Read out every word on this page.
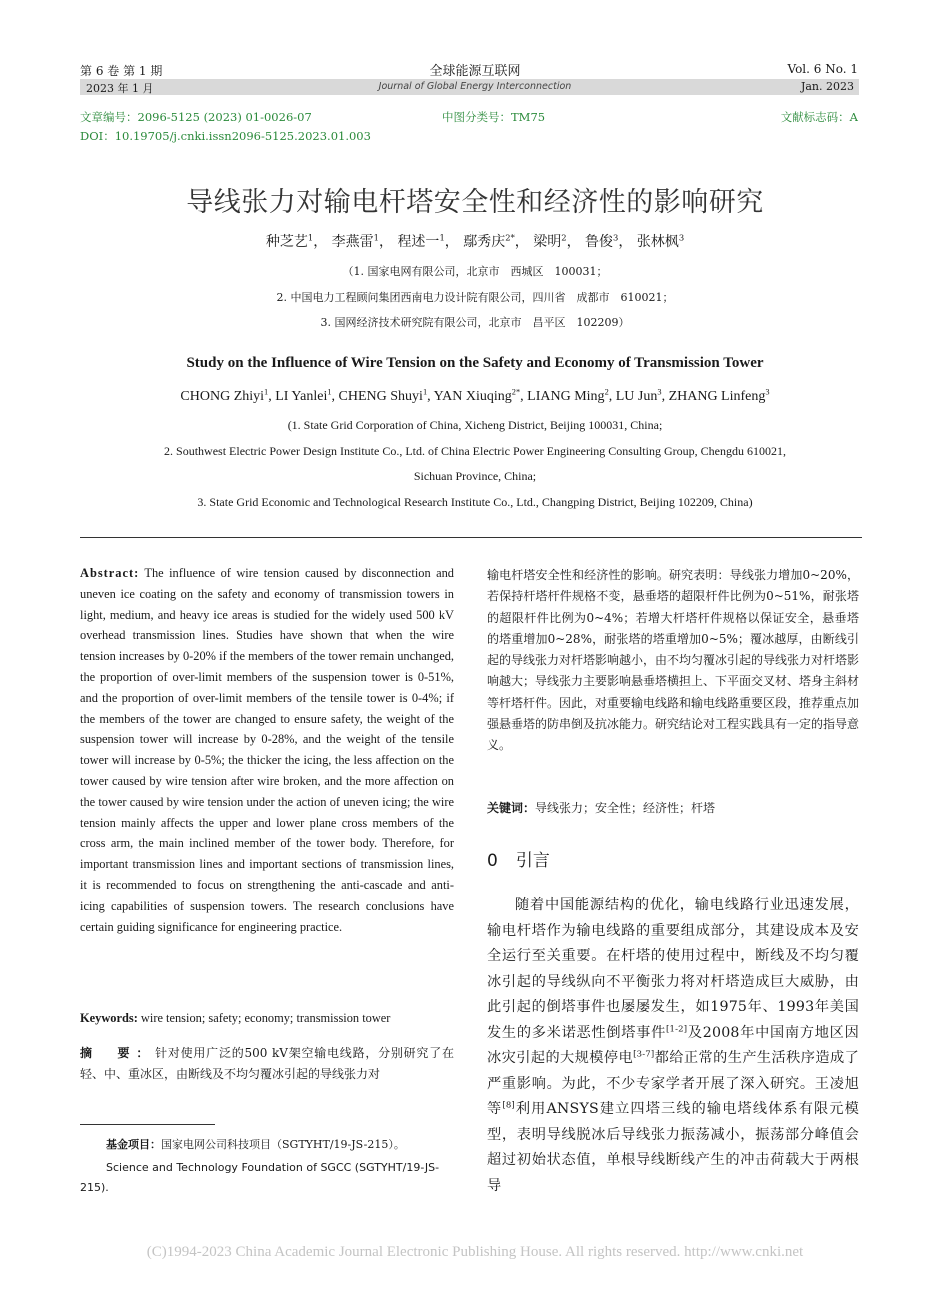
第 6 卷 第 1 期	全球能源互联网	Vol. 6 No. 1
2023 年 1 月	Journal of Global Energy Interconnection	Jan. 2023
文章编号：2096-5125 (2023) 01-0026-07	中图分类号：TM75	文献标志码：A
DOI：10.19705/j.cnki.issn2096-5125.2023.01.003
导线张力对输电杆塔安全性和经济性的影响研究
种芝艺$^1$， 李燕雷$^1$， 程述一$^1$， 鄢秀庆$^{2*}$， 梁明$^2$， 鲁俊$^3$， 张林枫$^3$
（1. 国家电网有限公司，北京市　西城区　100031；
2. 中国电力工程顾问集团西南电力设计院有限公司，四川省　成都市　610021；
3. 国网经济技术研究院有限公司，北京市　昌平区　102209）
Study on the Influence of Wire Tension on the Safety and Economy of Transmission Tower
CHONG Zhiyi$^1$, LI Yanlei$^1$, CHENG Shuyi$^1$, YAN Xiuqing$^{2*}$, LIANG Ming$^2$, LU Jun$^3$, ZHANG Linfeng$^3$
(1. State Grid Corporation of China, Xicheng District, Beijing 100031, China;
2. Southwest Electric Power Design Institute Co., Ltd. of China Electric Power Engineering Consulting Group, Chengdu 610021,
Sichuan Province, China;
3. State Grid Economic and Technological Research Institute Co., Ltd., Changping District, Beijing 102209, China)
Abstract: The influence of wire tension caused by disconnection and uneven ice coating on the safety and economy of transmission towers in light, medium, and heavy ice areas is studied for the widely used 500 kV overhead transmission lines. Studies have shown that when the wire tension increases by 0-20% if the members of the tower remain unchanged, the proportion of over-limit members of the suspension tower is 0-51%, and the proportion of over-limit members of the tensile tower is 0-4%; if the members of the tower are changed to ensure safety, the weight of the suspension tower will increase by 0-28%, and the weight of the tensile tower will increase by 0-5%; the thicker the icing, the less affection on the tower caused by wire tension after wire broken, and the more affection on the tower caused by wire tension under the action of uneven icing; the wire tension mainly affects the upper and lower plane cross members of the cross arm, the main inclined member of the tower body. Therefore, for important transmission lines and important sections of transmission lines, it is recommended to focus on strengthening the anti-cascade and anti-icing capabilities of suspension towers. The research conclusions have certain guiding significance for engineering practice.
Keywords: wire tension; safety; economy; transmission tower
摘　要：针对使用广泛的500 kV架空输电线路，分别研究了在轻、中、重冰区，由断线及不均匀覆冰引起的导线张力对
基金项目：国家电网公司科技项目（SGTYHT/19-JS-215）。
Science and Technology Foundation of SGCC (SGTYHT/19-JS-215).
输电杆塔安全性和经济性的影响。研究表明：导线张力增加0~20%，若保持杆塔杆件规格不变，悬垂塔的超限杆件比例为0~51%，耐张塔的超限杆件比例为0~4%；若增大杆塔杆件规格以保证安全，悬垂塔的塔重增加0~28%，耐张塔的塔重增加0~5%；覆冰越厚，由断线引起的导线张力对杆塔影响越小，由不均匀覆冰引起的导线张力对杆塔影响越大；导线张力主要影响悬垂塔横担上、下平面交叉材、塔身主斜材等杆塔杆件。因此，对重要输电线路和输电线路重要区段，推荐重点加强悬垂塔的防串倒及抗冰能力。研究结论对工程实践具有一定的指导意义。
关键词：导线张力；安全性；经济性；杆塔
0 引言
随着中国能源结构的优化，输电线路行业迅速发展，输电杆塔作为输电线路的重要组成部分，其建设成本及安全运行至关重要。在杆塔的使用过程中，断线及不均匀覆冰引起的导线纵向不平衡张力将对杆塔造成巨大威胁，由此引起的倒塔事件也屡屡发生，如1975年、1993年美国发生的多米诺恶性倒塔事件[1-2]及2008年中国南方地区因冰灾引起的大规模停电[3-7]都给正常的生产生活秩序造成了严重影响。为此，不少专家学者开展了深入研究。王凌旭等[8]利用ANSYS建立四塔三线的输电塔线体系有限元模型，表明导线脱冰后导线张力振荡减小，振荡部分峰值会超过初始状态值，单根导线断线产生的冲击荷载大于两根导
(C)1994-2023 China Academic Journal Electronic Publishing House. All rights reserved. http://www.cnki.net
